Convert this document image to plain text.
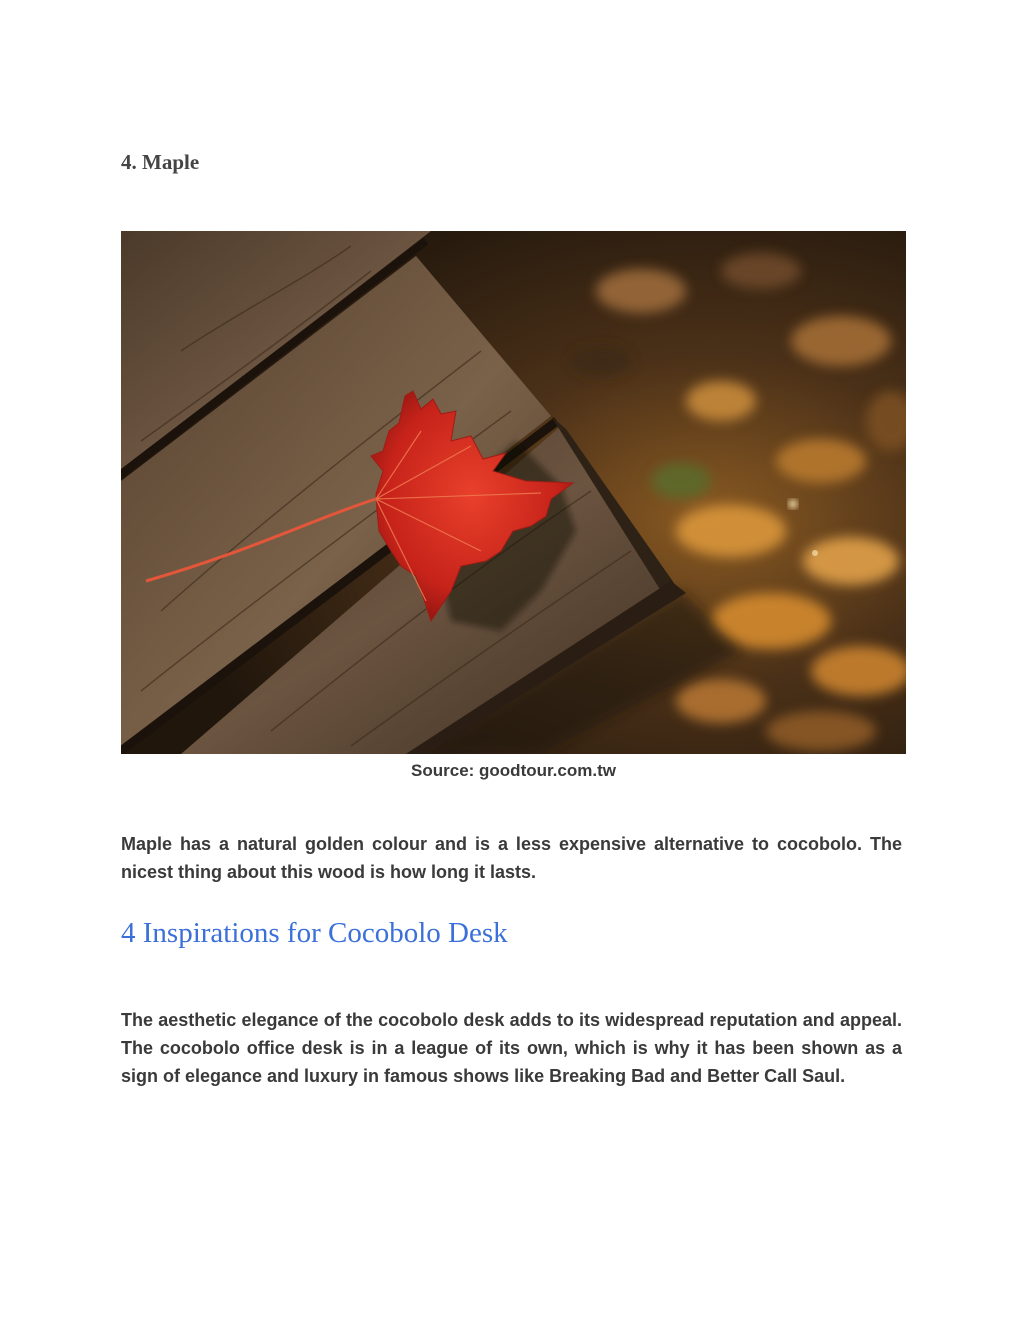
4. Maple
Source: goodtour.com.tw

Maple has a natural golden colour and is a less expensive alternative to cocobolo. The nicest thing about this wood is how long it lasts.

4 Inspirations for Cocobolo Desk

The aesthetic elegance of the cocobolo desk adds to its widespread reputation and appeal. The cocobolo office desk is in a league of its own, which is why it has been shown as a sign of elegance and luxury in famous shows like Breaking Bad and Better Call Saul.
